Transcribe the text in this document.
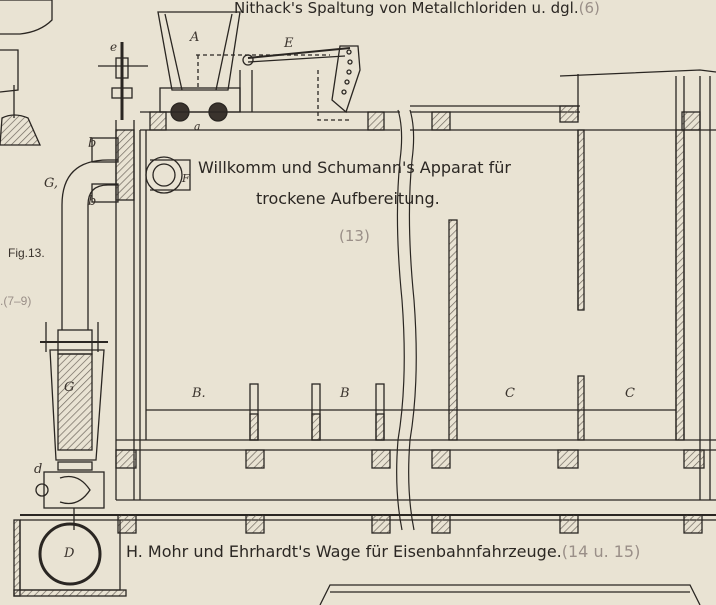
Nithack's Spaltung von Metallchloriden u. dgl.(6)
Willkomm und Schumann's Apparat für
trockene Aufbereitung.
(13)
H. Mohr und Ehrhardt's Wage für Eisenbahnfahrzeuge.(14 u. 15)
Fig.13.
.(7–9)
A
a
E
e
b
b
F
G,
G
d
D
B.	B	C	C
